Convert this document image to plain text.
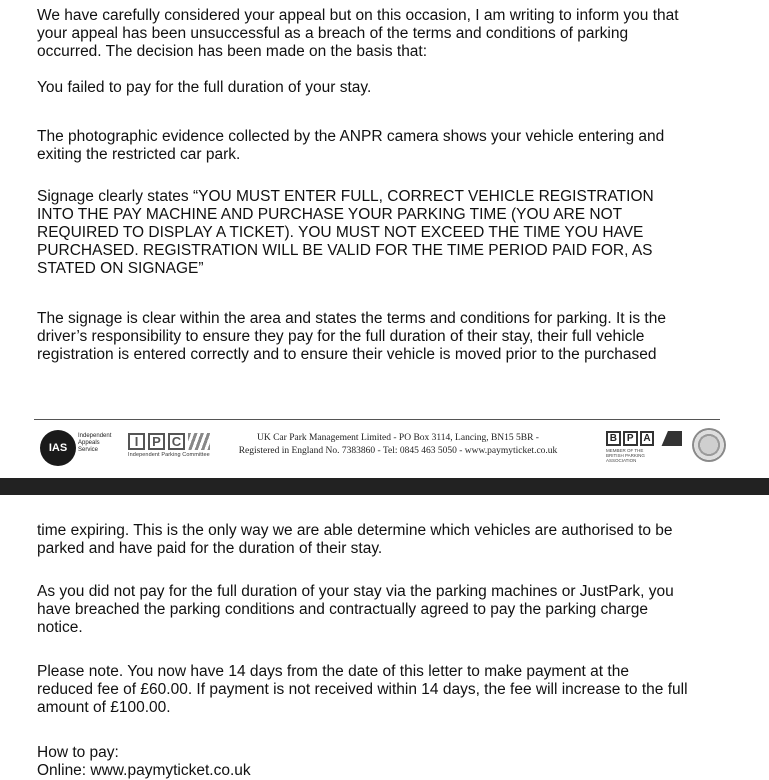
We have carefully considered your appeal but on this occasion, I am writing to inform you that
your appeal has been unsuccessful as a breach of the terms and conditions of parking
occurred. The decision has been made on the basis that:

You failed to pay for the full duration of your stay.

The photographic evidence collected by the ANPR camera shows your vehicle entering and
exiting the restricted car park.

Signage clearly states “YOU MUST ENTER FULL, CORRECT VEHICLE REGISTRATION
INTO THE PAY MACHINE AND PURCHASE YOUR PARKING TIME (YOU ARE NOT
REQUIRED TO DISPLAY A TICKET). YOU MUST NOT EXCEED THE TIME YOU HAVE
PURCHASED. REGISTRATION WILL BE VALID FOR THE TIME PERIOD PAID FOR, AS
STATED ON SIGNAGE”

The signage is clear within the area and states the terms and conditions for parking. It is the
driver’s responsibility to ensure they pay for the full duration of their stay, their full vehicle
registration is entered correctly and to ensure their vehicle is moved prior to the purchased

IAS
Independent
Appeals
Service
I	P C
Independent Parking Committee
UK Car Park Management Limited - PO Box 3114, Lancing, BN15 5BR -
Registered in England No. 7383860 - Tel: 0845 463 5050 - www.paymyticket.co.uk
B P A
MEMBER OF THE
BRITISH PARKING ASSOCIATION

time expiring. This is the only way we are able determine which vehicles are authorised to be
parked and have paid for the duration of their stay.

As you did not pay for the full duration of your stay via the parking machines or JustPark, you
have breached the parking conditions and contractually agreed to pay the parking charge
notice.

Please note. You now have 14 days from the date of this letter to make payment at the
reduced fee of £60.00. If payment is not received within 14 days, the fee will increase to the full
amount of £100.00.

How to pay:

Online: www.paymyticket.co.uk
